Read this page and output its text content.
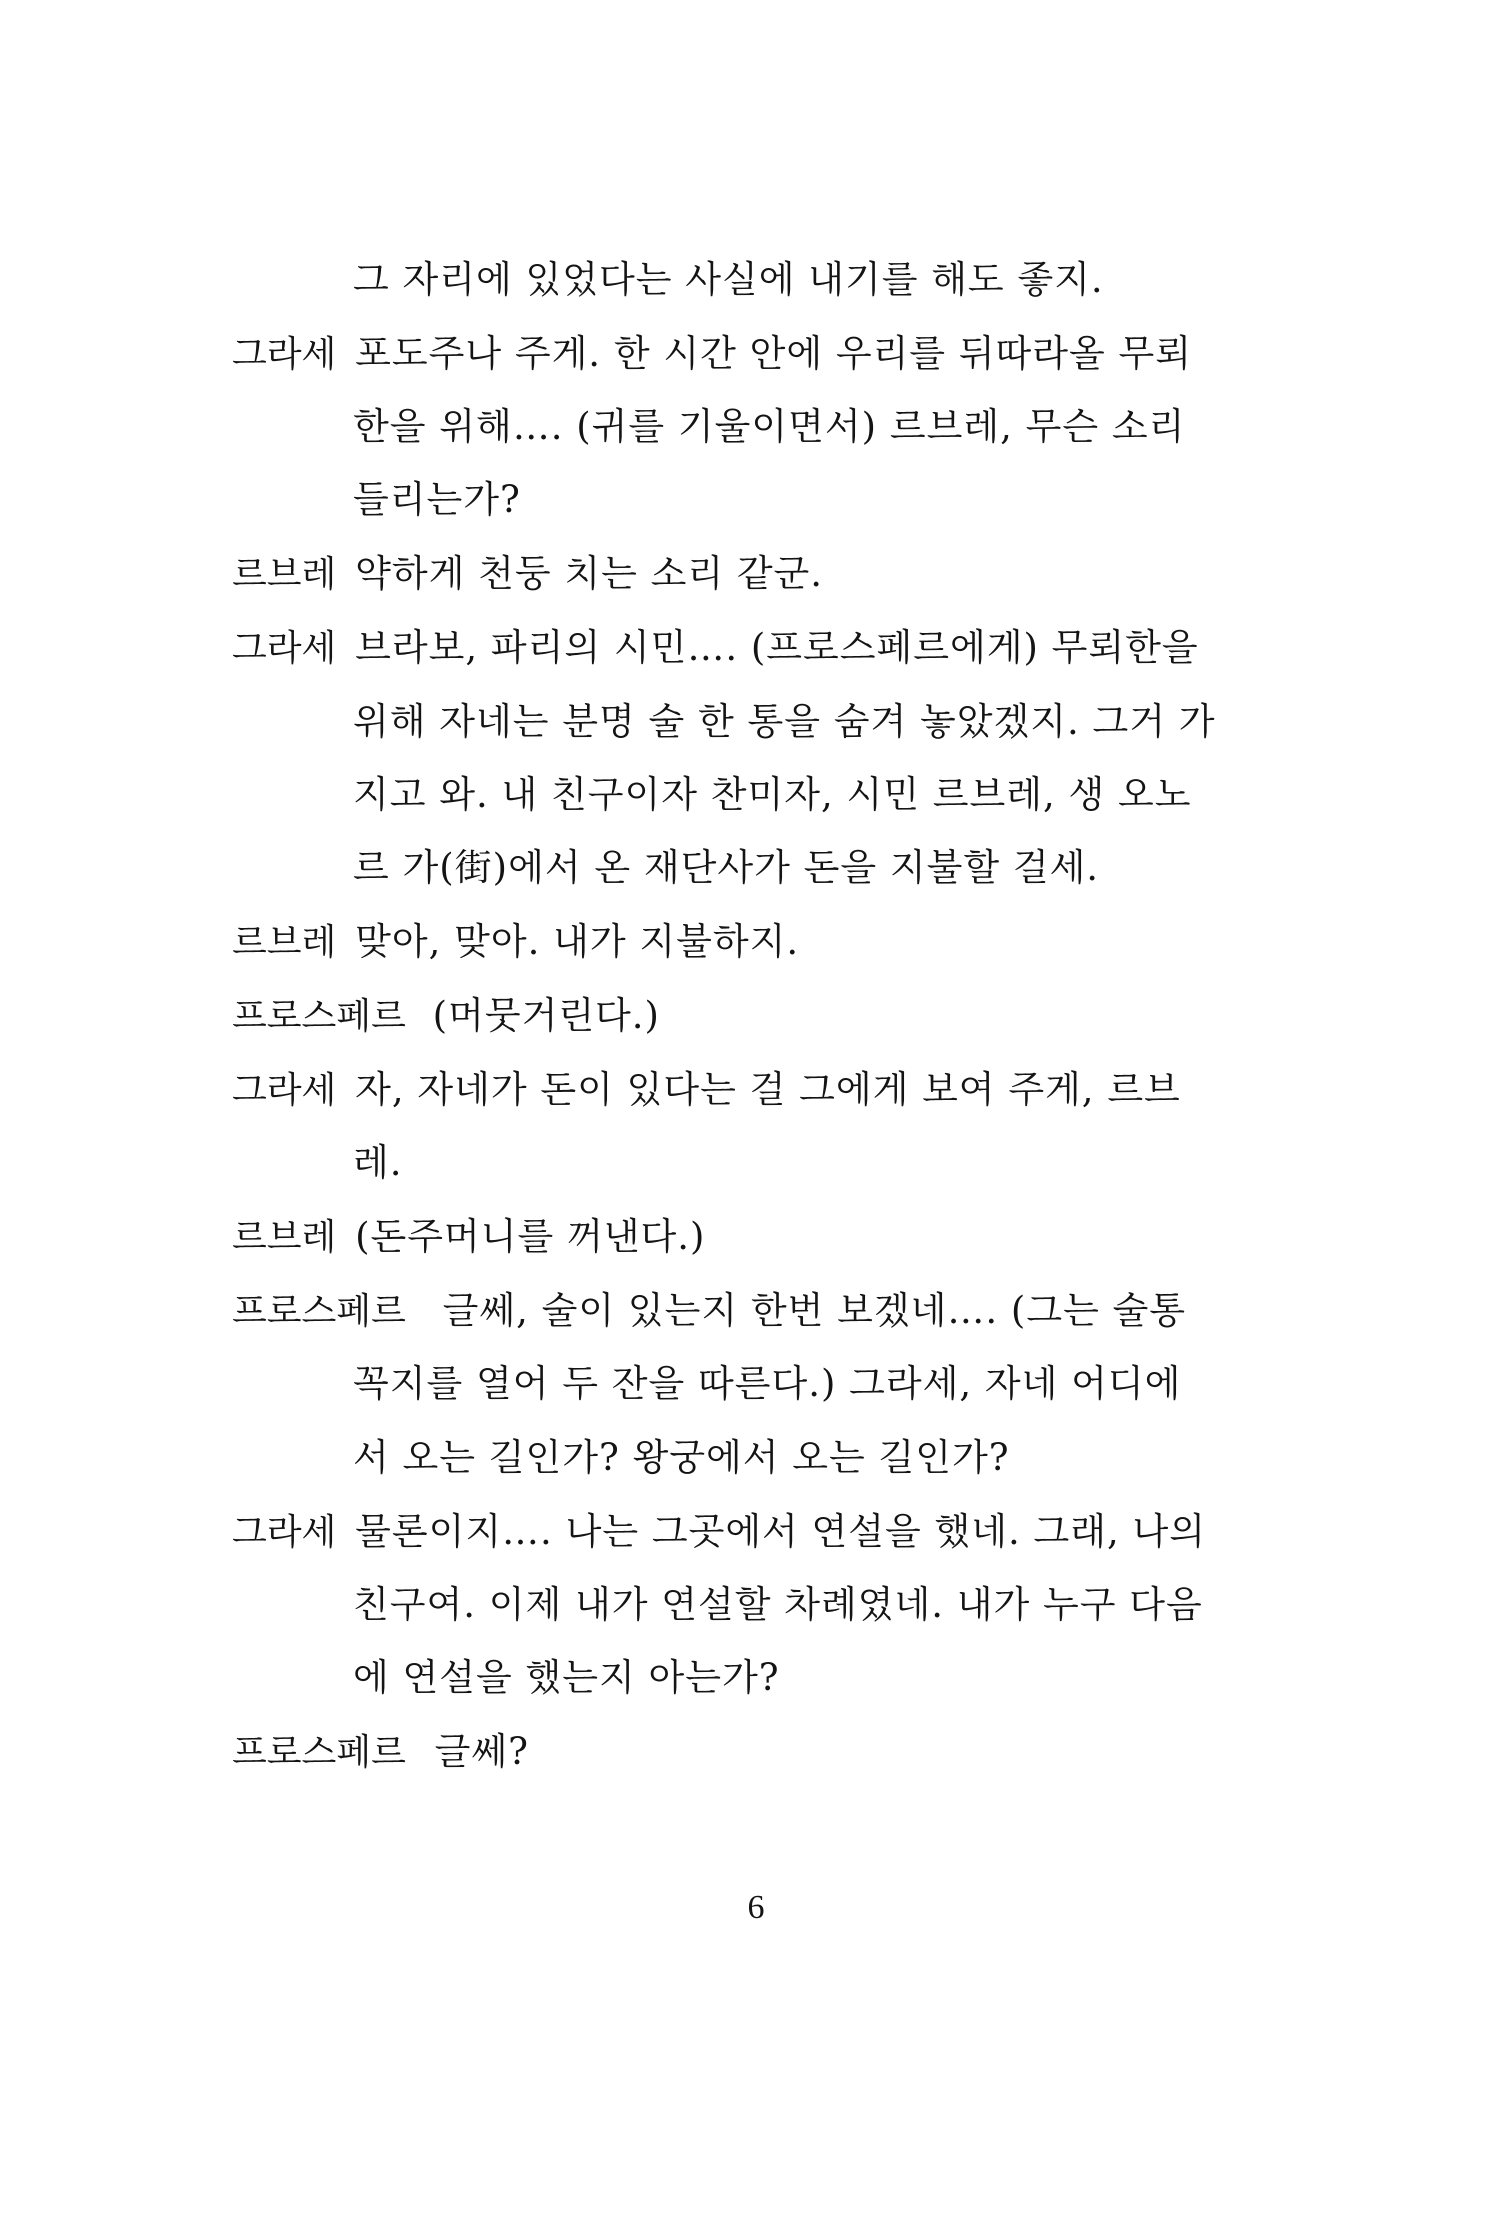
그 자리에 있었다는 사실에 내기를 해도 좋지.
그라세 포도주나 주게. 한 시간 안에 우리를 뒤따라올 무뢰
한을 위해…. (귀를 기울이면서) 르브레, 무슨 소리
들리는가?
르브레 약하게 천둥 치는 소리 같군.
그라세 브라보, 파리의 시민…. (프로스페르에게) 무뢰한을
위해 자네는 분명 술 한 통을 숨겨 놓았겠지. 그거 가
지고 와. 내 친구이자 찬미자, 시민 르브레, 생 오노
르 가(街)에서 온 재단사가 돈을 지불할 걸세.
르브레 맞아, 맞아. 내가 지불하지.
프로스페르 (머뭇거린다.)
그라세 자, 자네가 돈이 있다는 걸 그에게 보여 주게, 르브
레.
르브레 (돈주머니를 꺼낸다.)
프로스페르 글쎄, 술이 있는지 한번 보겠네…. (그는 술통
꼭지를 열어 두 잔을 따른다.) 그라세, 자네 어디에
서 오는 길인가? 왕궁에서 오는 길인가?
그라세 물론이지…. 나는 그곳에서 연설을 했네. 그래, 나의
친구여. 이제 내가 연설할 차례였네. 내가 누구 다음
에 연설을 했는지 아는가?
프로스페르 글쎄?
6
